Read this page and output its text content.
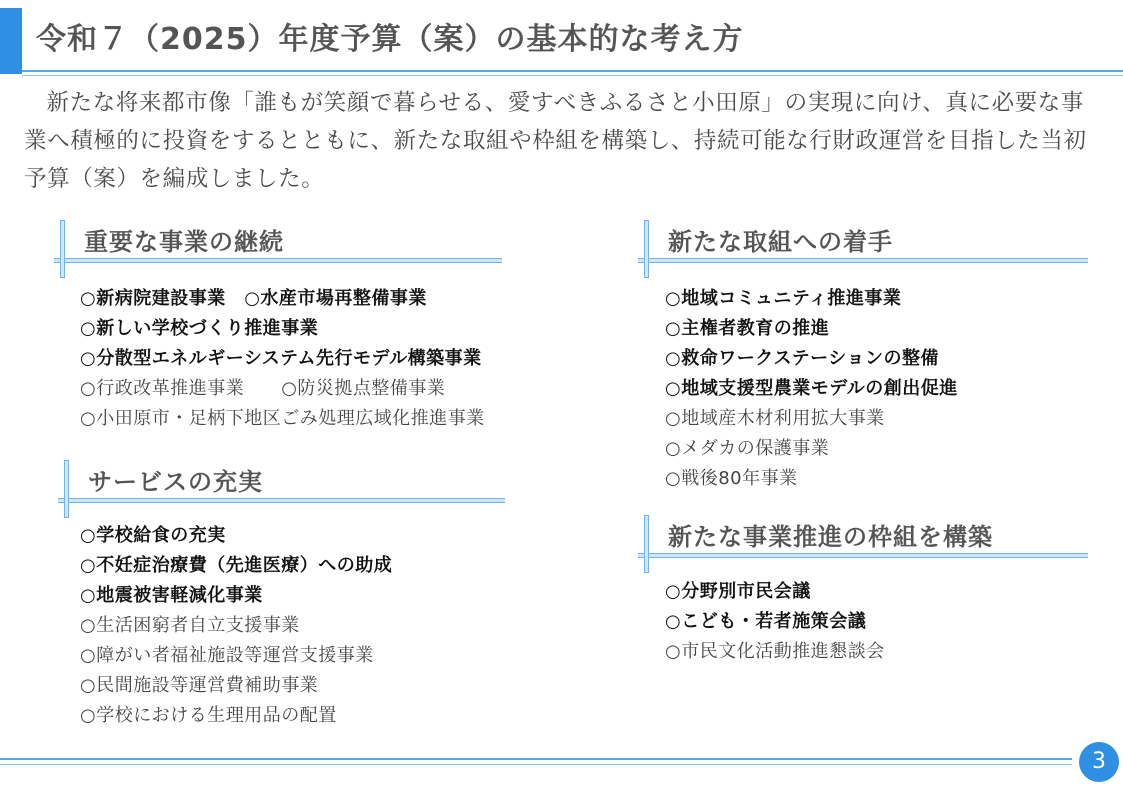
令和７（2025）年度予算（案）の基本的な考え方

新たな将来都市像「誰もが笑顔で暮らせる、愛すべきふるさと小田原」の実現に向け、真に必要な事業へ積極的に投資をするとともに、新たな取組や枠組を構築し、持続可能な行財政運営を目指した当初予算（案）を編成しました。

重要な事業の継続
○新病院建設事業　○水産市場再整備事業
○新しい学校づくり推進事業
○分散型エネルギーシステム先行モデル構築事業
○行政改革推進事業　　○防災拠点整備事業
○小田原市・足柄下地区ごみ処理広域化推進事業
サービスの充実
○学校給食の充実
○不妊症治療費（先進医療）への助成
○地震被害軽減化事業
○生活困窮者自立支援事業
○障がい者福祉施設等運営支援事業
○民間施設等運営費補助事業
○学校における生理用品の配置
新たな取組への着手
○地域コミュニティ推進事業
○主権者教育の推進
○救命ワークステーションの整備
○地域支援型農業モデルの創出促進
○地域産木材利用拡大事業
○メダカの保護事業
○戦後80年事業
新たな事業推進の枠組を構築
○分野別市民会議
○こども・若者施策会議
○市民文化活動推進懇談会
3
